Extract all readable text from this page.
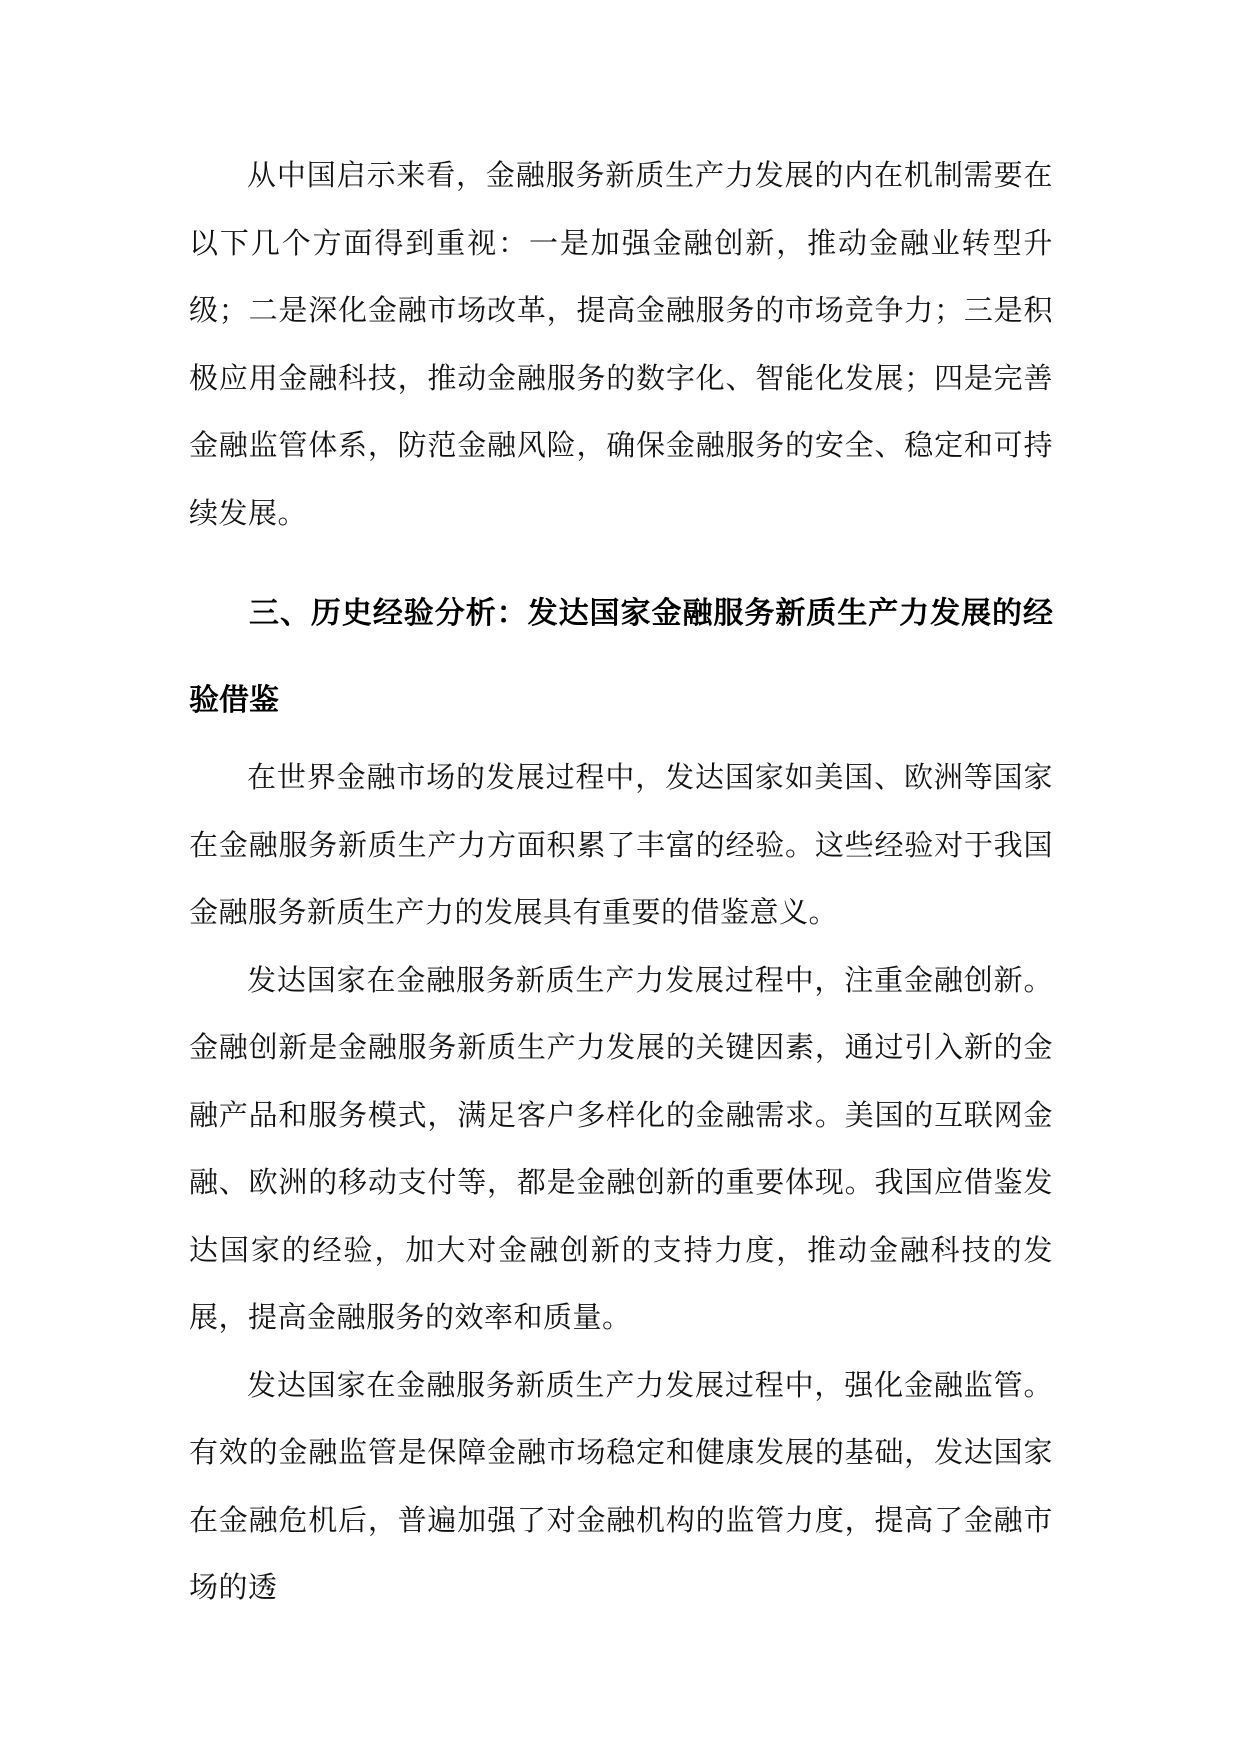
从中国启示来看，金融服务新质生产力发展的内在机制需要在以下几个方面得到重视：一是加强金融创新，推动金融业转型升级；二是深化金融市场改革，提高金融服务的市场竞争力；三是积极应用金融科技，推动金融服务的数字化、智能化发展；四是完善金融监管体系，防范金融风险，确保金融服务的安全、稳定和可持续发展。

三、历史经验分析：发达国家金融服务新质生产力发展的经验借鉴

在世界金融市场的发展过程中，发达国家如美国、欧洲等国家在金融服务新质生产力方面积累了丰富的经验。这些经验对于我国金融服务新质生产力的发展具有重要的借鉴意义。

发达国家在金融服务新质生产力发展过程中，注重金融创新。金融创新是金融服务新质生产力发展的关键因素，通过引入新的金融产品和服务模式，满足客户多样化的金融需求。美国的互联网金融、欧洲的移动支付等，都是金融创新的重要体现。我国应借鉴发达国家的经验，加大对金融创新的支持力度，推动金融科技的发展，提高金融服务的效率和质量。

发达国家在金融服务新质生产力发展过程中，强化金融监管。有效的金融监管是保障金融市场稳定和健康发展的基础，发达国家在金融危机后，普遍加强了对金融机构的监管力度，提高了金融市场的透
